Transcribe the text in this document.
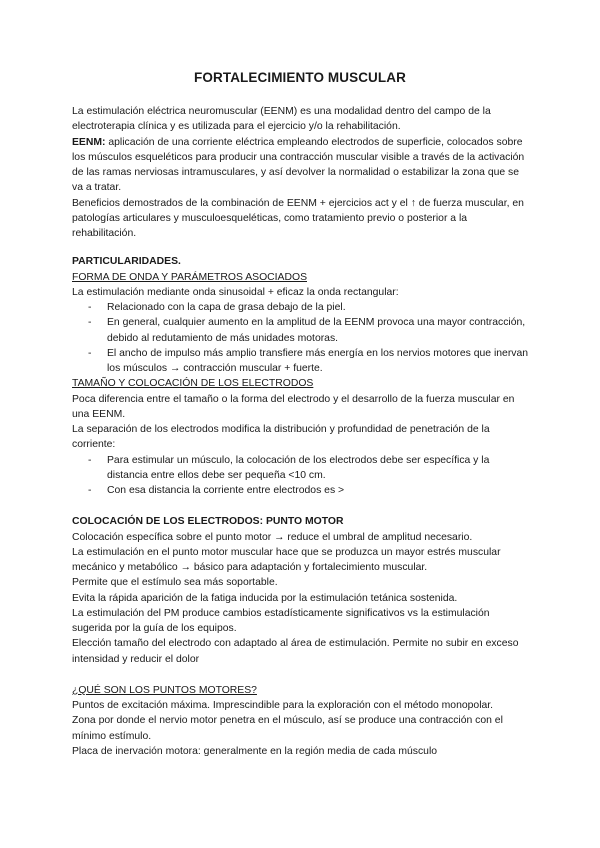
FORTALECIMIENTO MUSCULAR

La estimulación eléctrica neuromuscular (EENM) es una modalidad dentro del campo de la electroterapia clínica y es utilizada para el ejercicio y/o la rehabilitación.

EENM: aplicación de una corriente eléctrica empleando electrodos de superficie, colocados sobre los músculos esqueléticos para producir una contracción muscular visible a través de la activación de las ramas nerviosas intramusculares, y así devolver la normalidad o estabilizar la zona que se va a tratar.

Beneficios demostrados de la combinación de EENM + ejercicios act y el ↑ de fuerza muscular, en patologías articulares y musculoesqueléticas, como tratamiento previo o posterior a la rehabilitación.

PARTICULARIDADES.

FORMA DE ONDA Y PARÁMETROS ASOCIADOS

La estimulación mediante onda sinusoidal + eficaz la onda rectangular:

- Relacionado con la capa de grasa debajo de la piel.
- En general, cualquier aumento en la amplitud de la EENM provoca una mayor contracción, debido al redutamiento de más unidades motoras.
- El ancho de impulso más amplio transfiere más energía en los nervios motores que inervan los músculos → contracción muscular + fuerte.

TAMAÑO Y COLOCACIÓN DE LOS ELECTRODOS

Poca diferencia entre el tamaño o la forma del electrodo y el desarrollo de la fuerza muscular en una EENM.

La separación de los electrodos modifica la distribución y profundidad de penetración de la corriente:

- Para estimular un músculo, la colocación de los electrodos debe ser específica y la distancia entre ellos debe ser pequeña <10 cm.
- Con esa distancia la corriente entre electrodos es >

COLOCACIÓN DE LOS ELECTRODOS: PUNTO MOTOR

Colocación específica sobre el punto motor → reduce el umbral de amplitud necesario.

La estimulación en el punto motor muscular hace que se produzca un mayor estrés muscular mecánico y metabólico → básico para adaptación y fortalecimiento muscular.

Permite que el estímulo sea más soportable.

Evita la rápida aparición de la fatiga inducida por la estimulación tetánica sostenida.

La estimulación del PM produce cambios estadísticamente significativos vs la estimulación sugerida por la guía de los equipos.

Elección tamaño del electrodo con adaptado al área de estimulación. Permite no subir en exceso intensidad y reducir el dolor

¿QUÉ SON LOS PUNTOS MOTORES?

Puntos de excitación máxima. Imprescindible para la exploración con el método monopolar.

Zona por donde el nervio motor penetra en el músculo, así se produce una contracción con el mínimo estímulo.

Placa de inervación motora: generalmente en la región media de cada músculo
